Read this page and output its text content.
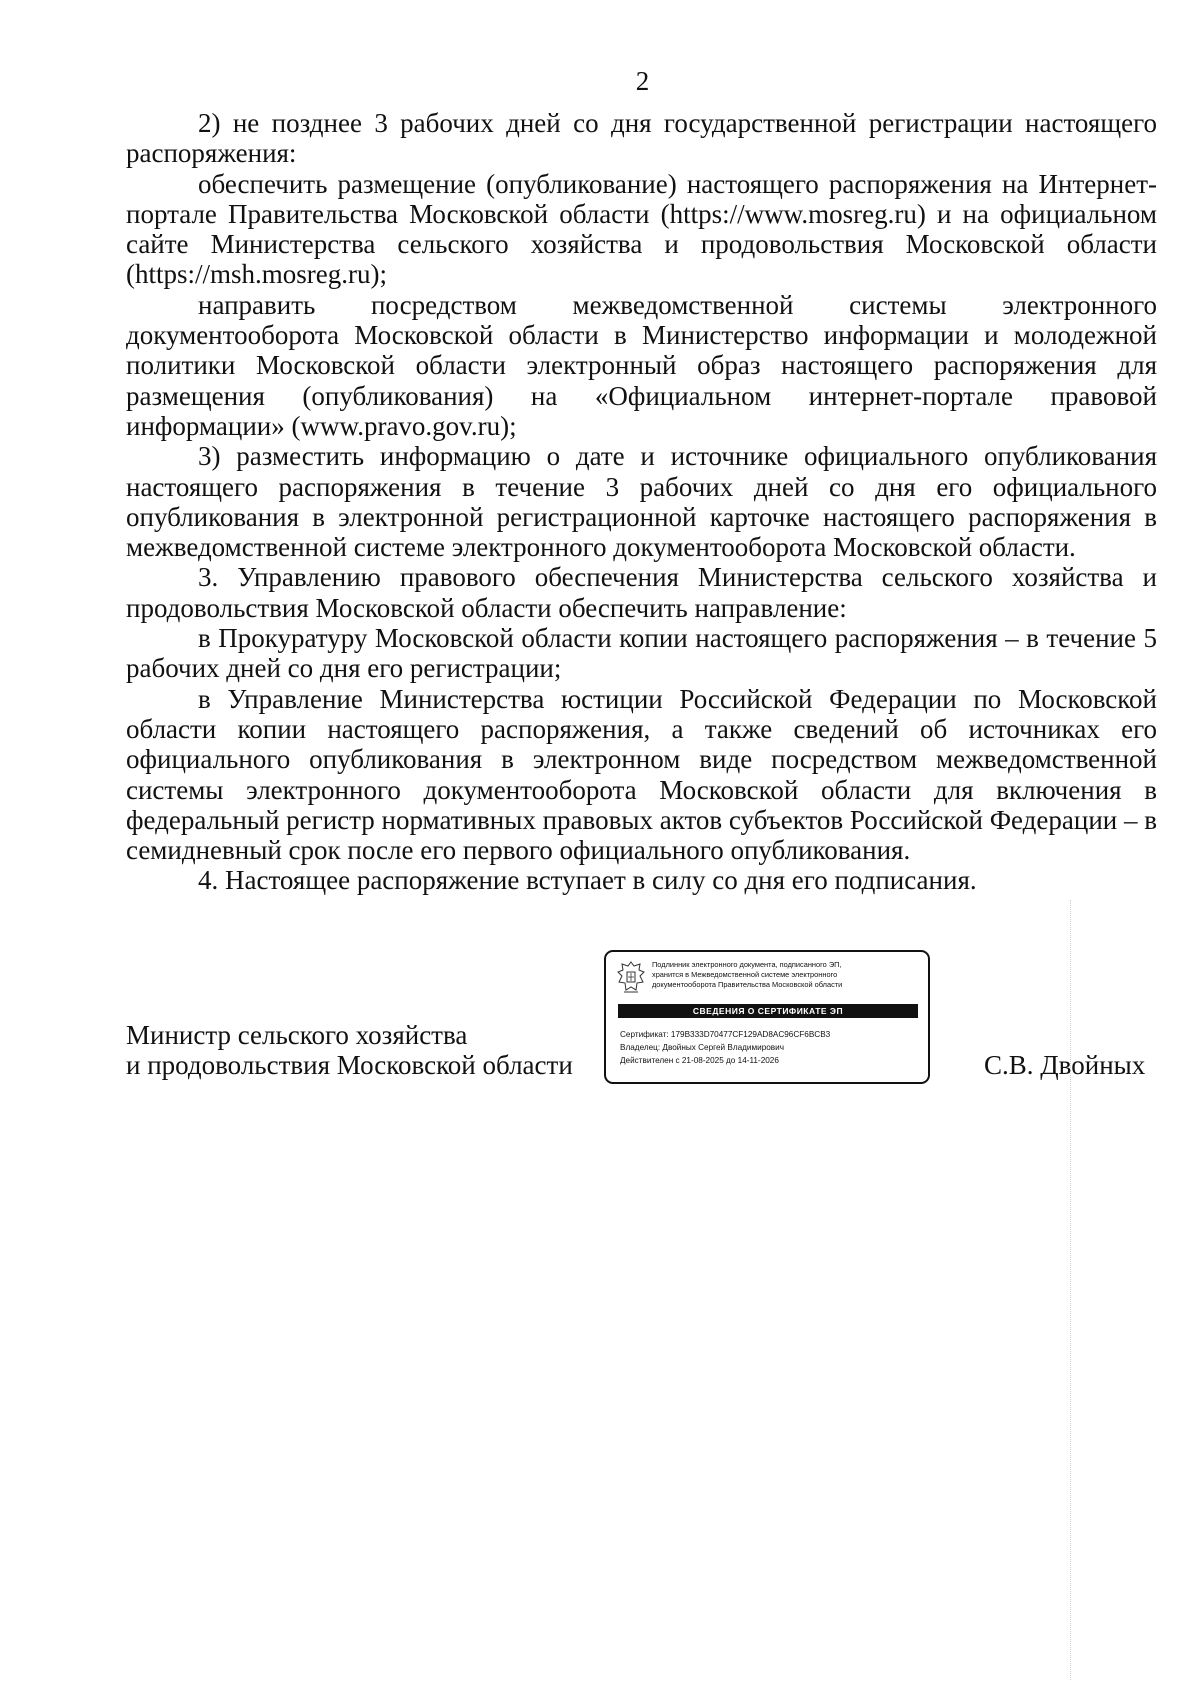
2

2) не позднее 3 рабочих дней со дня государственной регистрации настоящего распоряжения:

обеспечить размещение (опубликование) настоящего распоряжения на Интернет-портале Правительства Московской области (https://www.mosreg.ru) и на официальном сайте Министерства сельского хозяйства и продовольствия Московской области (https://msh.mosreg.ru);

направить посредством межведомственной системы электронного документооборота Московской области в Министерство информации и молодежной политики Московской области электронный образ настоящего распоряжения для размещения (опубликования) на «Официальном интернет-портале правовой информации» (www.pravo.gov.ru);

3) разместить информацию о дате и источнике официального опубликования настоящего распоряжения в течение 3 рабочих дней со дня его официального опубликования в электронной регистрационной карточке настоящего распоряжения в межведомственной системе электронного документооборота Московской области.

3. Управлению правового обеспечения Министерства сельского хозяйства и продовольствия Московской области обеспечить направление:

в Прокуратуру Московской области копии настоящего распоряжения – в течение 5 рабочих дней со дня его регистрации;

в Управление Министерства юстиции Российской Федерации по Московской области копии настоящего распоряжения, а также сведений об источниках его официального опубликования в электронном виде посредством межведомственной системы электронного документооборота Московской области для включения в федеральный регистр нормативных правовых актов субъектов Российской Федерации – в семидневный срок после его первого официального опубликования.

4. Настоящее распоряжение вступает в силу со дня его подписания.

Министр сельского хозяйства
и продовольствия Московской области
Подлинник электронного документа, подписанного ЭП,
хранится в Межведомственной системе электронного
документооборота Правительства Московской области
СВЕДЕНИЯ О СЕРТИФИКАТЕ ЭП
Сертификат: 179B333D70477CF129AD8AC96CF6BCB3
Владелец: Двойных Сергей Владимирович
Действителен с 21-08-2025 до 14-11-2026	С.В. Двойных
